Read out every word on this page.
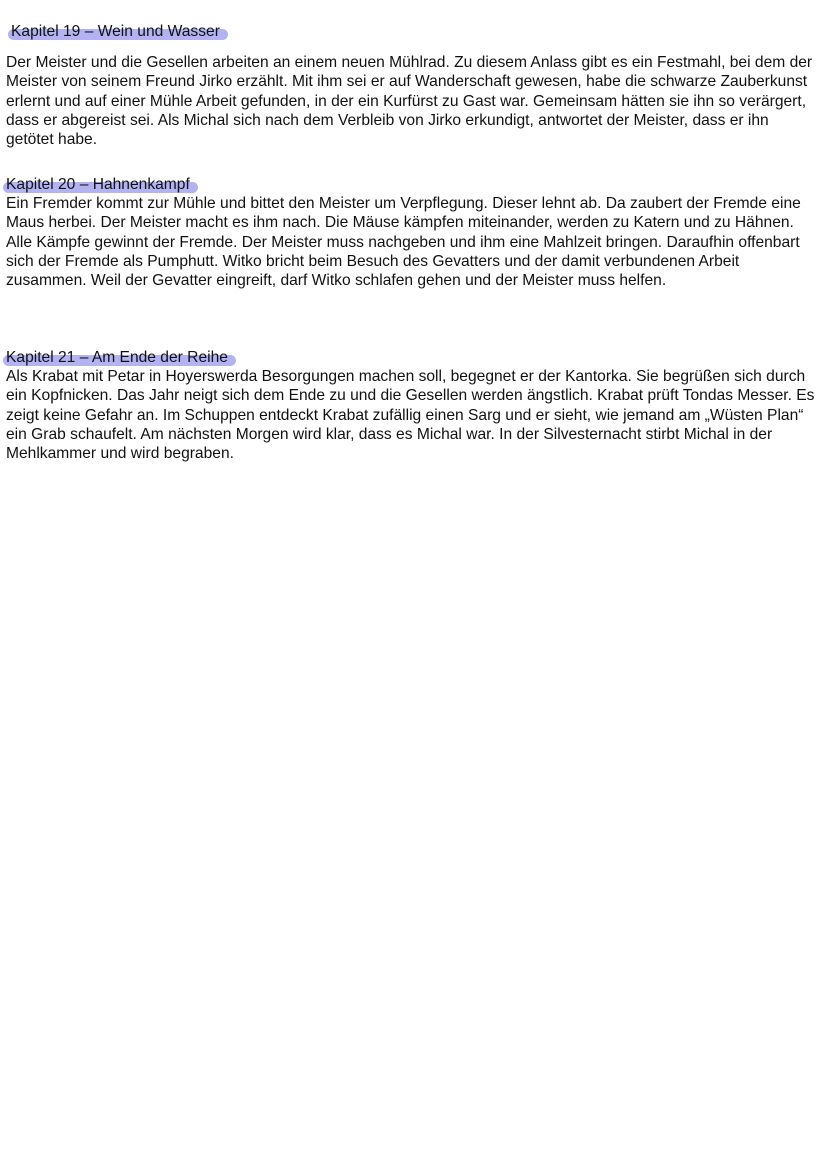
Kapitel 19 – Wein und Wasser

Der Meister und die Gesellen arbeiten an einem neuen Mühlrad. Zu diesem Anlass gibt es ein Festmahl, bei dem der Meister von seinem Freund Jirko erzählt. Mit ihm sei er auf Wanderschaft gewesen, habe die schwarze Zauberkunst erlernt und auf einer Mühle Arbeit gefunden, in der ein Kurfürst zu Gast war. Gemeinsam hätten sie ihn so verärgert, dass er abgereist sei. Als Michal sich nach dem Verbleib von Jirko erkundigt, antwortet der Meister, dass er ihn getötet habe.

Kapitel 20 – Hahnenkampf

Ein Fremder kommt zur Mühle und bittet den Meister um Verpflegung. Dieser lehnt ab. Da zaubert der Fremde eine Maus herbei. Der Meister macht es ihm nach. Die Mäuse kämpfen miteinander, werden zu Katern und zu Hähnen. Alle Kämpfe gewinnt der Fremde. Der Meister muss nachgeben und ihm eine Mahlzeit bringen. Daraufhin offenbart sich der Fremde als Pumphutt. Witko bricht beim Besuch des Gevatters und der damit verbundenen Arbeit zusammen. Weil der Gevatter eingreift, darf Witko schlafen gehen und der Meister muss helfen.

Kapitel 21 – Am Ende der Reihe

Als Krabat mit Petar in Hoyerswerda Besorgungen machen soll, begegnet er der Kantorka. Sie begrüßen sich durch ein Kopfnicken. Das Jahr neigt sich dem Ende zu und die Gesellen werden ängstlich. Krabat prüft Tondas Messer. Es zeigt keine Gefahr an. Im Schuppen entdeckt Krabat zufällig einen Sarg und er sieht, wie jemand am „Wüsten Plan“ ein Grab schaufelt. Am nächsten Morgen wird klar, dass es Michal war. In der Silvesternacht stirbt Michal in der Mehlkammer und wird begraben.
